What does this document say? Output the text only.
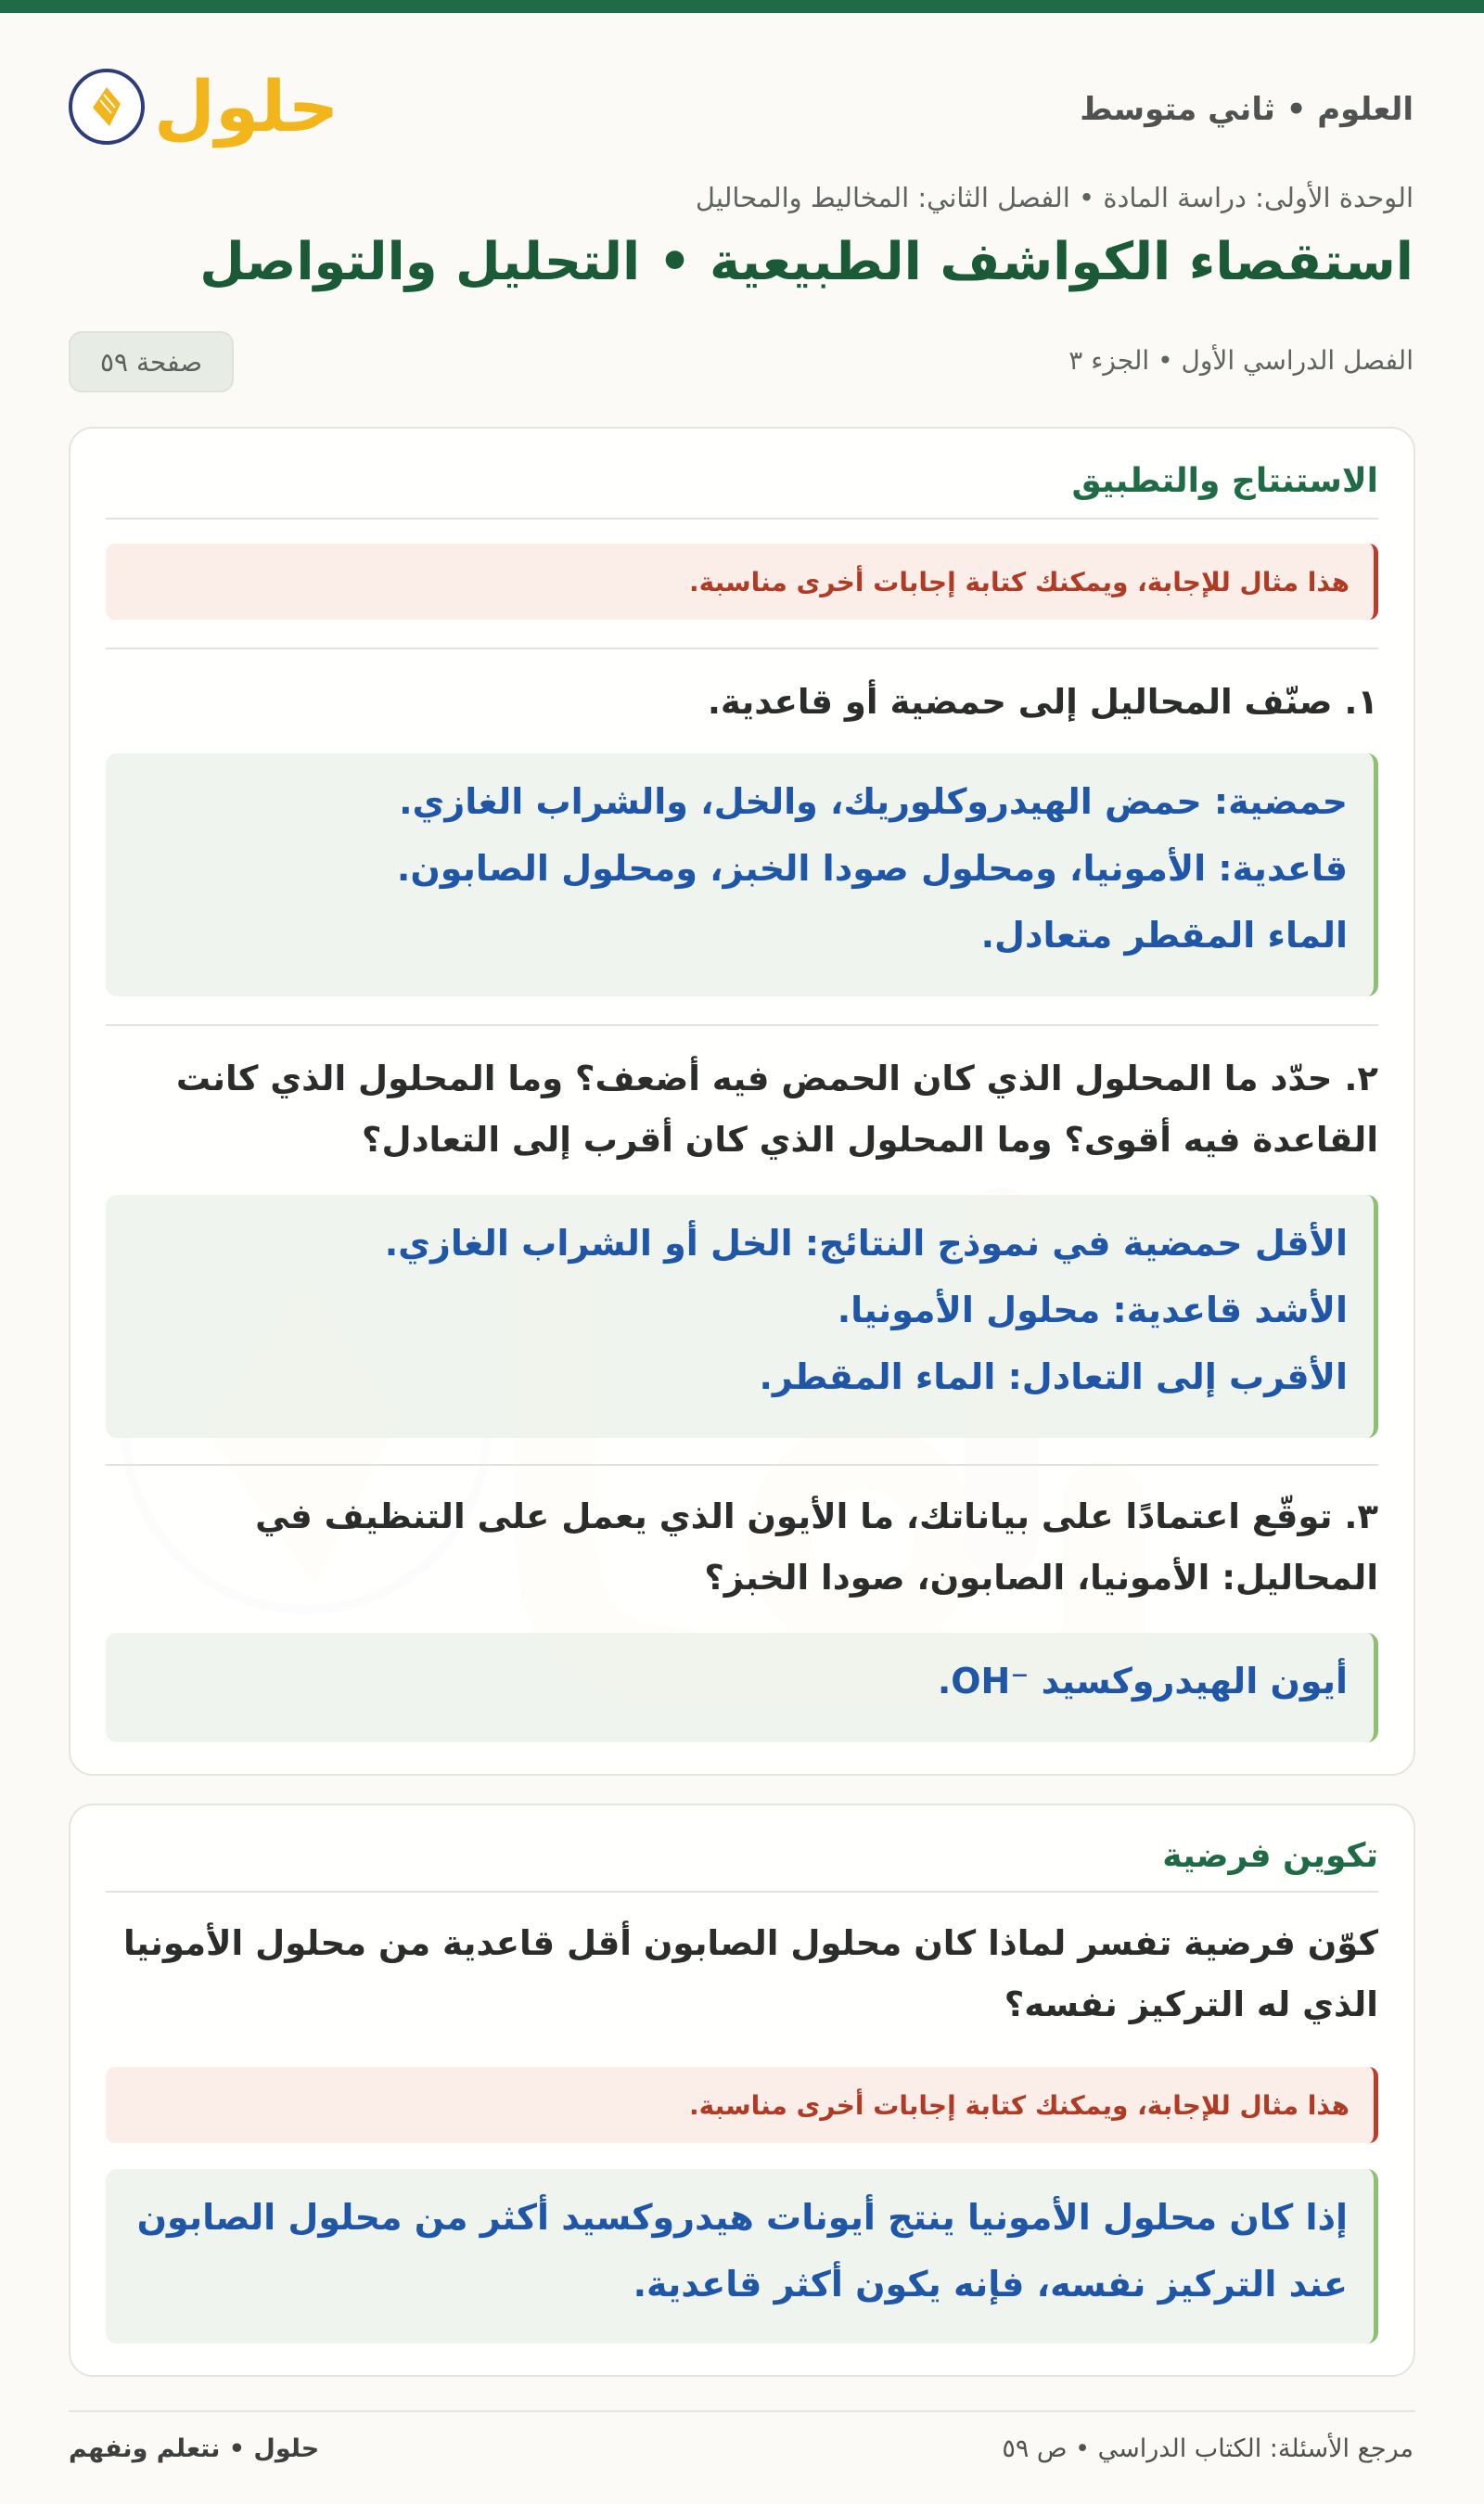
العلوم • ثاني متوسط
حلول
الوحدة الأولى: دراسة المادة • الفصل الثاني: المخاليط والمحاليل
استقصاء الكواشف الطبيعية • التحليل والتواصل
الفصل الدراسي الأول • الجزء ٣
صفحة ٥٩
الاستنتاج والتطبيق
هذا مثال للإجابة، ويمكنك كتابة إجابات أخرى مناسبة.
١. صنّف المحاليل إلى حمضية أو قاعدية.
حمضية: حمض الهيدروكلوريك، والخل، والشراب الغازي.
قاعدية: الأمونيا، ومحلول صودا الخبز، ومحلول الصابون.
الماء المقطر متعادل.
٢. حدّد ما المحلول الذي كان الحمض فيه أضعف؟ وما المحلول الذي كانت القاعدة فيه أقوى؟ وما المحلول الذي كان أقرب إلى التعادل؟
الأقل حمضية في نموذج النتائج: الخل أو الشراب الغازي.
الأشد قاعدية: محلول الأمونيا.
الأقرب إلى التعادل: الماء المقطر.
٣. توقّع اعتمادًا على بياناتك، ما الأيون الذي يعمل على التنظيف في المحاليل: الأمونيا، الصابون، صودا الخبز؟
أيون الهيدروكسيد ‎OH⁻‎.
تكوين فرضية
كوّن فرضية تفسر لماذا كان محلول الصابون أقل قاعدية من محلول الأمونيا الذي له التركيز نفسه؟
هذا مثال للإجابة، ويمكنك كتابة إجابات أخرى مناسبة.
إذا كان محلول الأمونيا ينتج أيونات هيدروكسيد أكثر من محلول الصابون عند التركيز نفسه، فإنه يكون أكثر قاعدية.
مرجع الأسئلة: الكتاب الدراسي • ص ٥٩
حلول • نتعلم ونفهم
